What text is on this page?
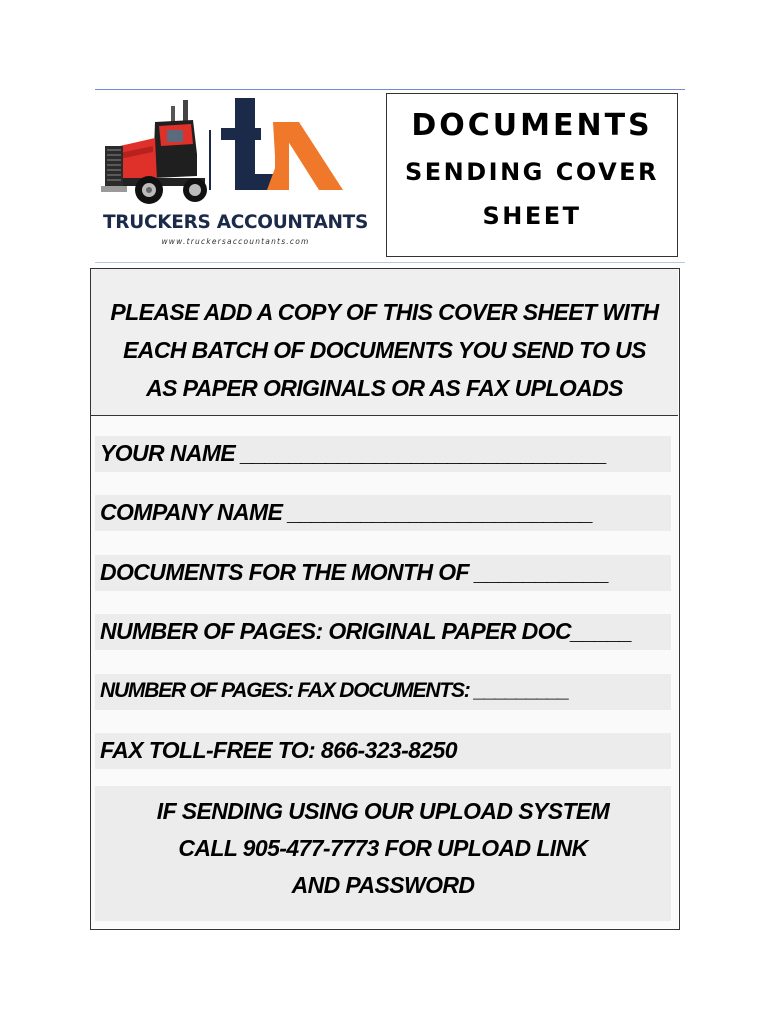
TRUCKERS ACCOUNTANTS
www.truckersaccountants.com
DOCUMENTS
SENDING COVER
SHEET
PLEASE ADD A COPY OF THIS COVER SHEET WITH
EACH BATCH OF DOCUMENTS YOU SEND TO US
AS PAPER ORIGINALS OR AS FAX UPLOADS
YOUR NAME ______________________________
COMPANY NAME _________________________
DOCUMENTS FOR THE MONTH OF ___________
NUMBER OF PAGES: ORIGINAL PAPER DOC_____
NUMBER OF PAGES: FAX DOCUMENTS: _________
FAX TOLL-FREE TO: 866-323-8250
IF SENDING USING OUR UPLOAD SYSTEM
CALL 905-477-7773 FOR UPLOAD LINK
AND PASSWORD
